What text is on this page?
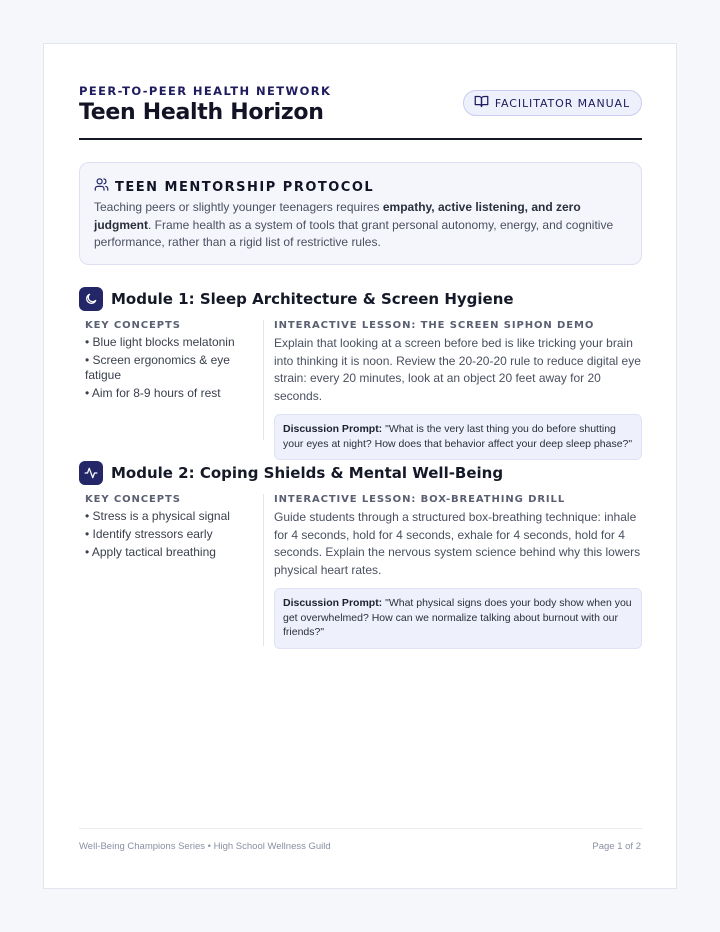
PEER-TO-PEER HEALTH NETWORK
Teen Health Horizon	FACILITATOR MANUAL
TEEN MENTORSHIP PROTOCOL
Teaching peers or slightly younger teenagers requires empathy, active listening, and zero judgment. Frame health as a system of tools that grant personal autonomy, energy, and cognitive performance, rather than a rigid list of restrictive rules.
Module 1: Sleep Architecture & Screen Hygiene
KEY CONCEPTS
• Blue light blocks melatonin
• Screen ergonomics & eye fatigue
• Aim for 8-9 hours of rest
INTERACTIVE LESSON: THE SCREEN SIPHON DEMO
Explain that looking at a screen before bed is like tricking your brain into thinking it is noon. Review the 20-20-20 rule to reduce digital eye strain: every 20 minutes, look at an object 20 feet away for 20 seconds.
Discussion Prompt: "What is the very last thing you do before shutting your eyes at night? How does that behavior affect your deep sleep phase?"
Module 2: Coping Shields & Mental Well-Being
KEY CONCEPTS
• Stress is a physical signal
• Identify stressors early
• Apply tactical breathing
INTERACTIVE LESSON: BOX-BREATHING DRILL
Guide students through a structured box-breathing technique: inhale for 4 seconds, hold for 4 seconds, exhale for 4 seconds, hold for 4 seconds. Explain the nervous system science behind why this lowers physical heart rates.
Discussion Prompt: "What physical signs does your body show when you get overwhelmed? How can we normalize talking about burnout with our friends?"
Well-Being Champions Series • High School Wellness Guild	Page 1 of 2
